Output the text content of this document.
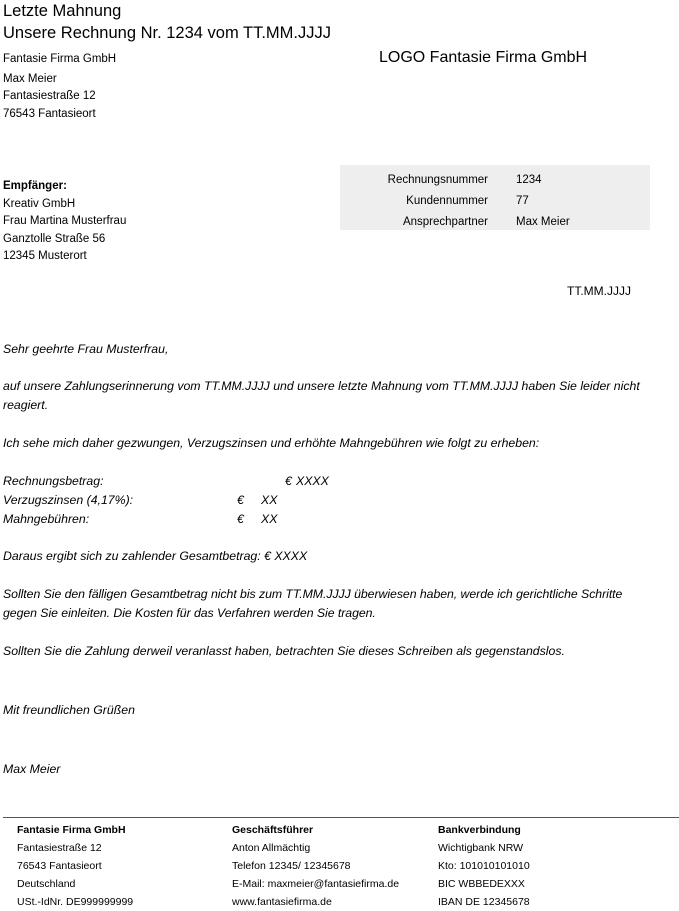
Letzte Mahnung
Unsere Rechnung Nr. 1234 vom TT.MM.JJJJ
Fantasie Firma GmbH
Max Meier
Fantasiestraße 12
76543 Fantasieort
LOGO Fantasie Firma GmbH
Empfänger:
Kreativ GmbH
Frau Martina Musterfrau
Ganztolle Straße 56
12345 Musterort
Rechnungsnummer 1234
Kundennummer 77
Ansprechpartner Max Meier
TT.MM.JJJJ
Sehr geehrte Frau Musterfrau,
auf unsere Zahlungserinnerung vom TT.MM.JJJJ und unsere letzte Mahnung vom TT.MM.JJJJ haben Sie leider nicht reagiert.
Ich sehe mich daher gezwungen, Verzugszinsen und erhöhte Mahngebühren wie folgt zu erheben:
Rechnungsbetrag:	€ XXXX
Verzugszinsen (4,17%):	€ XX
Mahngebühren:	€ XX
Daraus ergibt sich zu zahlender Gesamtbetrag: € XXXX
Sollten Sie den fälligen Gesamtbetrag nicht bis zum TT.MM.JJJJ überwiesen haben, werde ich gerichtliche Schritte gegen Sie einleiten. Die Kosten für das Verfahren werden Sie tragen.
Sollten Sie die Zahlung derweil veranlasst haben, betrachten Sie dieses Schreiben als gegenstandslos.
Mit freundlichen Grüßen
Max Meier
Fantasie Firma GmbH
Fantasiestraße 12
76543 Fantasieort
Deutschland
USt.-IdNr. DE999999999
Geschäftsführer
Anton Allmächtig
Telefon 12345/ 12345678
E-Mail: maxmeier@fantasiefirma.de
www.fantasiefirma.de
Bankverbindung
Wichtigbank NRW
Kto: 101010101010
BIC WBBEDEXXX
IBAN DE 12345678
